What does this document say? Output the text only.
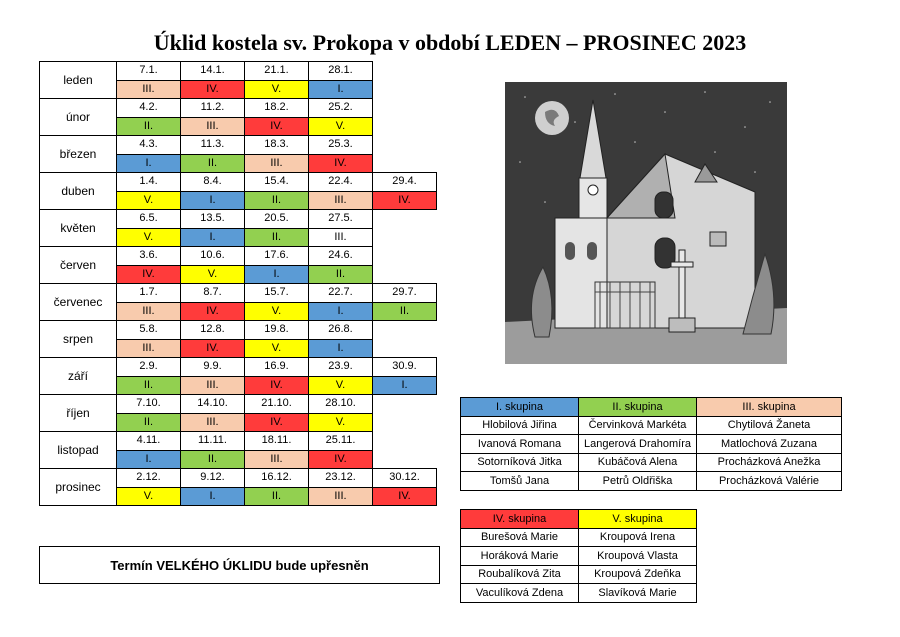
Úklid kostela sv. Prokopa v období LEDEN – PROSINEC 2023
leden	7.1.	14.1.	21.1.	28.1.	
	III.	IV.	V.	I.	
únor	4.2.	11.2.	18.2.	25.2.	
	II.	III.	IV.	V.	
březen	4.3.	11.3.	18.3.	25.3.	
	I.	II.	III.	IV.	
duben	1.4.	8.4.	15.4.	22.4.	29.4.
	V.	I.	II.	III.	IV.
květen	6.5.	13.5.	20.5.	27.5.	
	V.	I.	II.	III.	
červen	3.6.	10.6.	17.6.	24.6.	
	IV.	V.	I.	II.	
červenec	1.7.	8.7.	15.7.	22.7.	29.7.
	III.	IV.	V.	I.	II.
srpen	5.8.	12.8.	19.8.	26.8.	
	III.	IV.	V.	I.	
září	2.9.	9.9.	16.9.	23.9.	30.9.
	II.	III.	IV.	V.	I.
říjen	7.10.	14.10.	21.10.	28.10.	
	II.	III.	IV.	V.	
listopad	4.11.	11.11.	18.11.	25.11.	
	I.	II.	III.	IV.	
prosinec	2.12.	9.12.	16.12.	23.12.	30.12.
	V.	I.	II.	III.	IV.
Termín VELKÉHO ÚKLIDU bude upřesněn
I. skupina	II. skupina	III. skupina
Hlobilová Jiřina	Červinková Markéta	Chytilová Žaneta
Ivanová Romana	Langerová Drahomíra	Matlochová Zuzana
Sotorníková Jitka	Kubáčová Alena	Procházková Anežka
Tomšů Jana	Petrů Oldřiška	Procházková Valérie
IV. skupina	V. skupina
Burešová Marie	Kroupová Irena
Horáková Marie	Kroupová Vlasta
Roubalíková Zita	Kroupová Zdeňka
Vaculíková Zdena	Slavíková Marie
